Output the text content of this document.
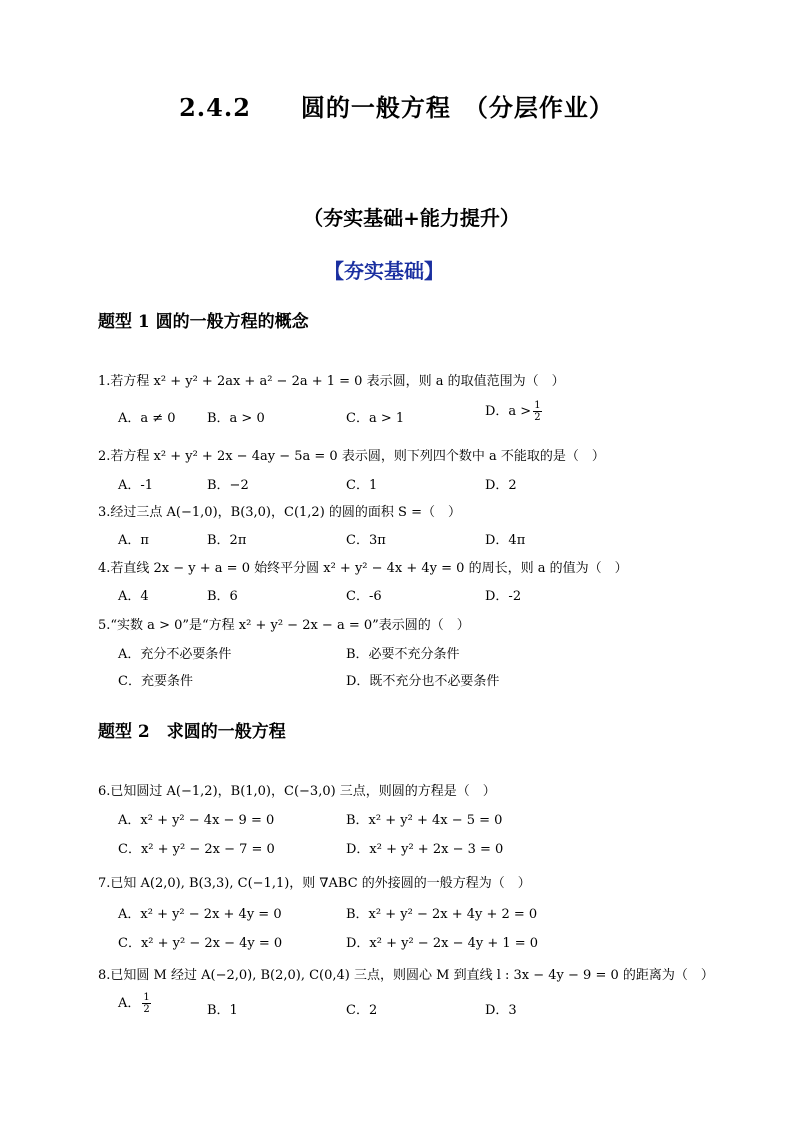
2.4.2　　圆的一般方程　（分层作业）
（夯实基础+能力提升）
【夯实基础】
题型 1 圆的一般方程的概念
1.若方程 x² + y² + 2ax + a² − 2a + 1 = 0 表示圆，则 a 的取值范围为（　）
A．a ≠ 0 B．a > 0	C．a > 1	D．$a > \frac{1}{2}$
2.若方程 x² + y² + 2x − 4ay − 5a = 0 表示圆，则下列四个数中 a 不能取的是（　）
A．-1	B．−2	C．1	D．2
3.经过三点 A(−1,0)，B(3,0)，C(1,2) 的圆的面积 S =（　）
A．π	B．2π	C．3π	D．4π
4.若直线 2x − y + a = 0 始终平分圆 x² + y² − 4x + 4y = 0 的周长，则 a 的值为（　）
A．4	B．6	C．-6	D．-2
5.“实数 a > 0”是“方程 x² + y² − 2x − a = 0”表示圆的（　）
A．充分不必要条件	B．必要不充分条件
C．充要条件	D．既不充分也不必要条件
题型 2　求圆的一般方程
6.已知圆过 A(−1,2)，B(1,0)，C(−3,0) 三点，则圆的方程是（　）
A．x² + y² − 4x − 9 = 0	B．x² + y² + 4x − 5 = 0
C．x² + y² − 2x − 7 = 0	D．x² + y² + 2x − 3 = 0
7.已知 A(2,0), B(3,3), C(−1,1)，则 ∇ABC 的外接圆的一般方程为（　）
A．x² + y² − 2x + 4y = 0	B．x² + y² − 2x + 4y + 2 = 0
C．x² + y² − 2x − 4y = 0	D．x² + y² − 2x − 4y + 1 = 0
8.已知圆 M 经过 A(−2,0), B(2,0), C(0,4) 三点，则圆心 M 到直线 l : 3x − 4y − 9 = 0 的距离为（　）
A． $\frac{1}{2}$	B．1	C．2	D．3
